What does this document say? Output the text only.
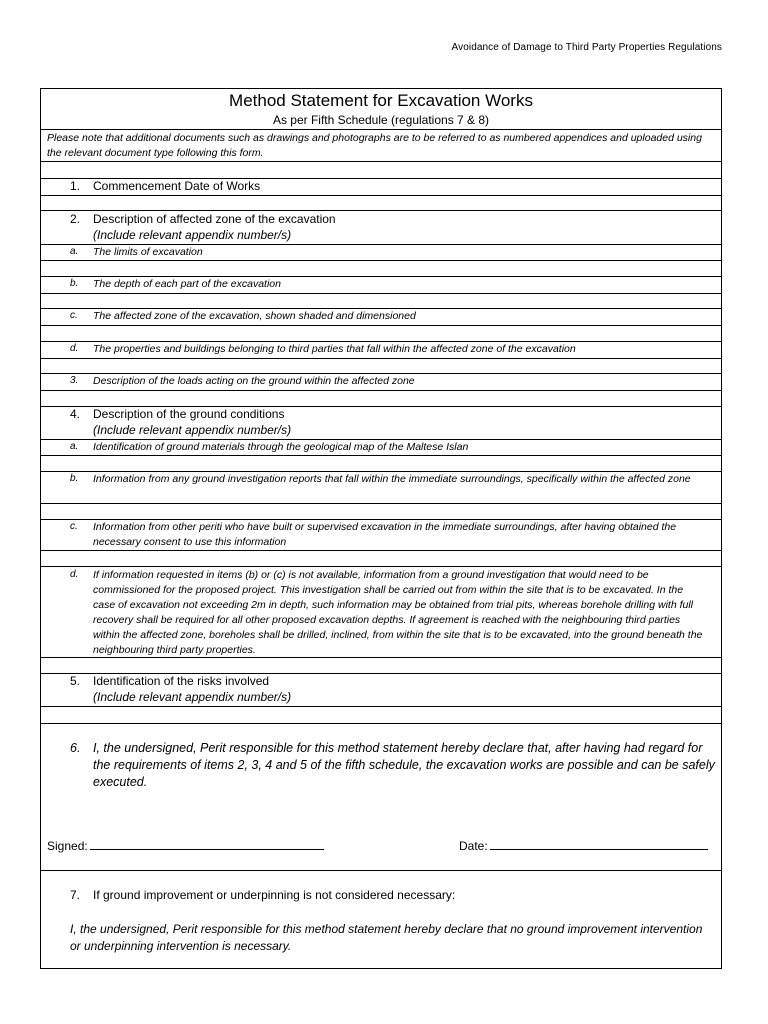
Avoidance of Damage to Third Party Properties Regulations
Method Statement for Excavation Works
As per Fifth Schedule (regulations 7 & 8)
Please note that additional documents such as drawings and photographs are to be referred to as numbered appendices and uploaded using the relevant document type following this form.
1. Commencement Date of Works
2. Description of affected zone of the excavation
(Include relevant appendix number/s)
a. The limits of excavation
b. The depth of each part of the excavation
c. The affected zone of the excavation, shown shaded and dimensioned
d. The properties and buildings belonging to third parties that fall within the affected zone of the excavation
3. Description of the loads acting on the ground within the affected zone
4. Description of the ground conditions
(Include relevant appendix number/s)
a. Identification of ground materials through the geological map of the Maltese Islan
b. Information from any ground investigation reports that fall within the immediate surroundings, specifically within the affected zone
c. Information from other periti who have built or supervised excavation in the immediate surroundings, after having obtained the necessary consent to use this information
d. If information requested in items (b) or (c) is not available, information from a ground investigation that would need to be commissioned for the proposed project. This investigation shall be carried out from within the site that is to be excavated. In the case of excavation not exceeding 2m in depth, such information may be obtained from trial pits, whereas borehole drilling with full recovery shall be required for all other proposed excavation depths. If agreement is reached with the neighbouring third parties within the affected zone, boreholes shall be drilled, inclined, from within the site that is to be excavated, into the ground beneath the neighbouring third party properties.
5. Identification of the risks involved
(Include relevant appendix number/s)
6. I, the undersigned, Perit responsible for this method statement hereby declare that, after having had regard for the requirements of items 2, 3, 4 and 5 of the fifth schedule, the excavation works are possible and can be safely executed.
Signed:	Date:
7. If ground improvement or underpinning is not considered necessary:
I, the undersigned, Perit responsible for this method statement hereby declare that no ground improvement intervention or underpinning intervention is necessary.
